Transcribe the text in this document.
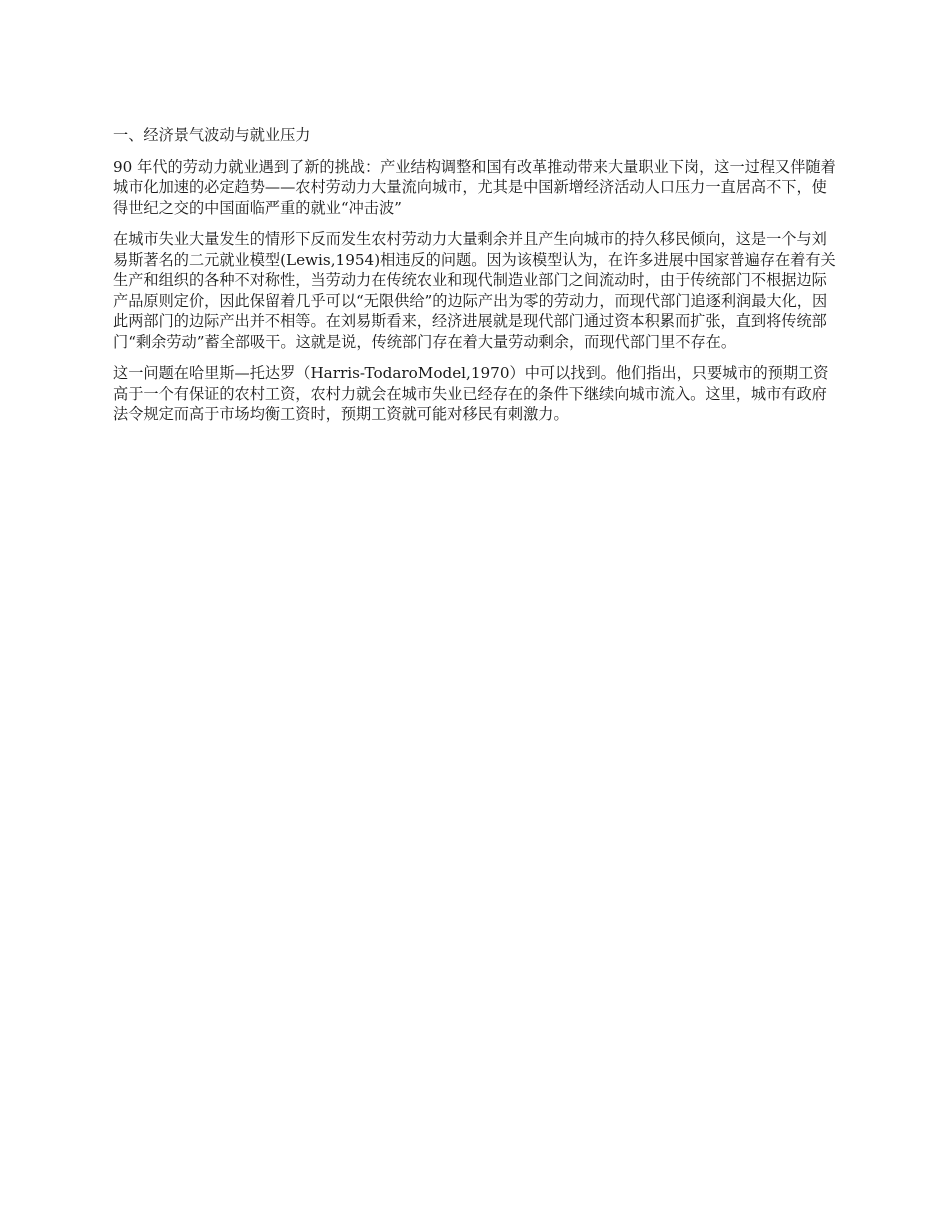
一、经济景气波动与就业压力

90 年代的劳动力就业遇到了新的挑战：产业结构调整和国有改革推动带来大量职业下岗，这一过程又伴随着城市化加速的必定趋势——农村劳动力大量流向城市，尤其是中国新增经济活动人口压力一直居高不下，使得世纪之交的中国面临严重的就业“冲击波”

在城市失业大量发生的情形下反而发生农村劳动力大量剩余并且产生向城市的持久移民倾向，这是一个与刘易斯著名的二元就业模型(Lewis,1954)相违反的问题。因为该模型认为，在许多进展中国家普遍存在着有关生产和组织的各种不对称性，当劳动力在传统农业和现代制造业部门之间流动时，由于传统部门不根据边际产品原则定价，因此保留着几乎可以“无限供给”的边际产出为零的劳动力，而现代部门追逐利润最大化，因此两部门的边际产出并不相等。在刘易斯看来，经济进展就是现代部门通过资本积累而扩张，直到将传统部门“剩余劳动”蓄全部吸干。这就是说，传统部门存在着大量劳动剩余，而现代部门里不存在。

这一问题在哈里斯—托达罗（Harris-TodaroModel,1970）中可以找到。他们指出，只要城市的预期工资高于一个有保证的农村工资，农村力就会在城市失业已经存在的条件下继续向城市流入。这里，城市有政府法令规定而高于市场均衡工资时，预期工资就可能对移民有刺激力。
